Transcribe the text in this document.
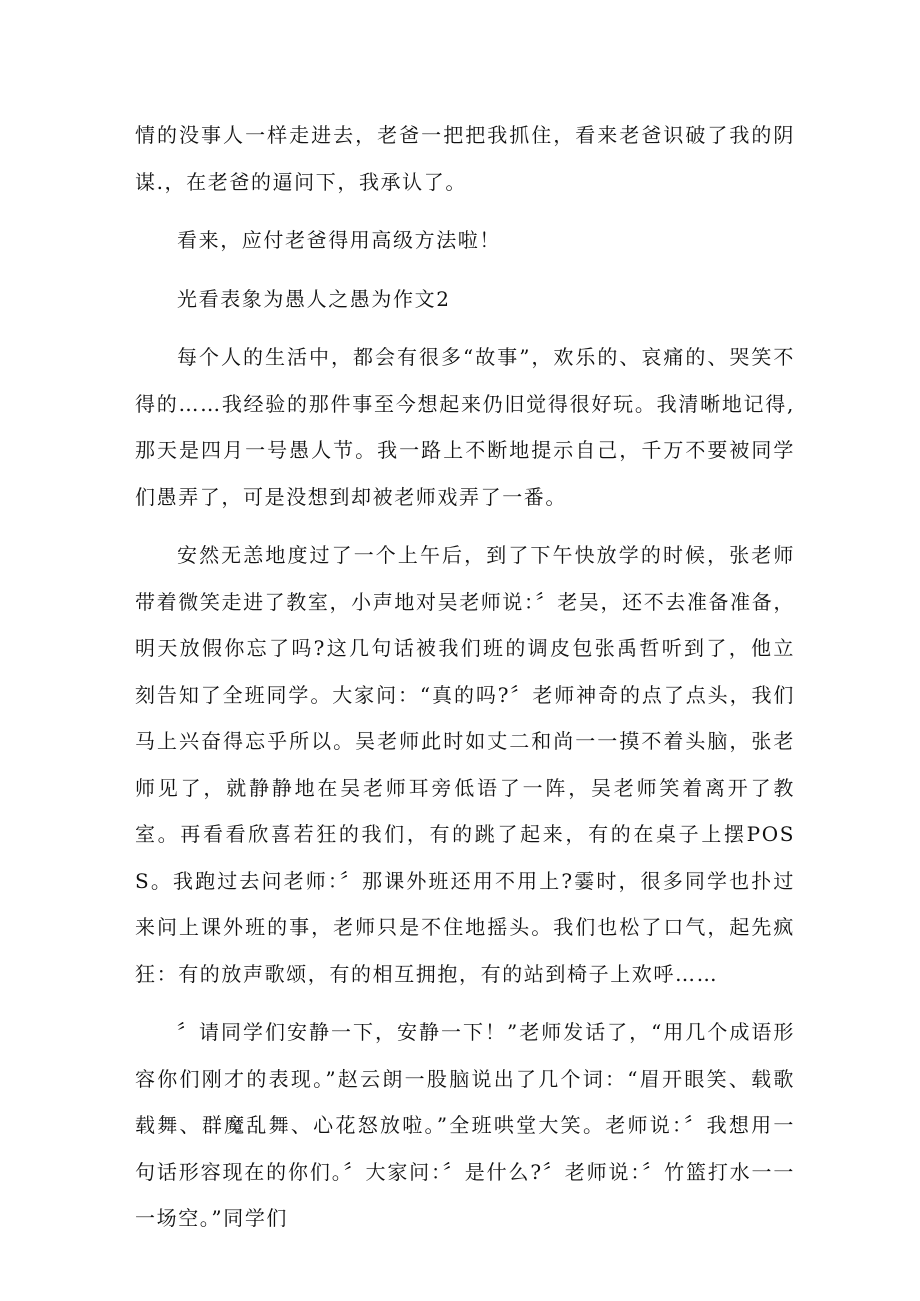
情的没事人一样走进去，老爸一把把我抓住，看来老爸识破了我的阴谋.，在老爸的逼问下，我承认了。

看来，应付老爸得用高级方法啦！

光看表象为愚人之愚为作文2

每个人的生活中，都会有很多“故事”，欢乐的、哀痛的、哭笑不得的……我经验的那件事至今想起来仍旧觉得很好玩。我清晰地记得,那天是四月一号愚人节。我一路上不断地提示自己，千万不要被同学们愚弄了，可是没想到却被老师戏弄了一番。

安然无恙地度过了一个上午后，到了下午快放学的时候，张老师带着微笑走进了教室，小声地对吴老师说：〞老吴，还不去准备准备，明天放假你忘了吗?这几句话被我们班的调皮包张禹哲听到了，他立刻告知了全班同学。大家问：“真的吗?〞老师神奇的点了点头，我们马上兴奋得忘乎所以。吴老师此时如丈二和尚一一摸不着头脑，张老师见了，就静静地在吴老师耳旁低语了一阵，吴老师笑着离开了教室。再看看欣喜若狂的我们，有的跳了起来，有的在桌子上摆POSS。我跑过去问老师：〞那课外班还用不用上?霎时，很多同学也扑过来问上课外班的事，老师只是不住地摇头。我们也松了口气，起先疯狂：有的放声歌颂，有的相互拥抱，有的站到椅子上欢呼……

〞请同学们安静一下，安静一下！”老师发话了，“用几个成语形容你们刚才的表现。”赵云朗一股脑说出了几个词：“眉开眼笑、载歌载舞、群魔乱舞、心花怒放啦。”全班哄堂大笑。老师说：〞我想用一句话形容现在的你们。〞大家问：〞是什么?〞老师说：〞竹篮打水一一一场空。”同学们
